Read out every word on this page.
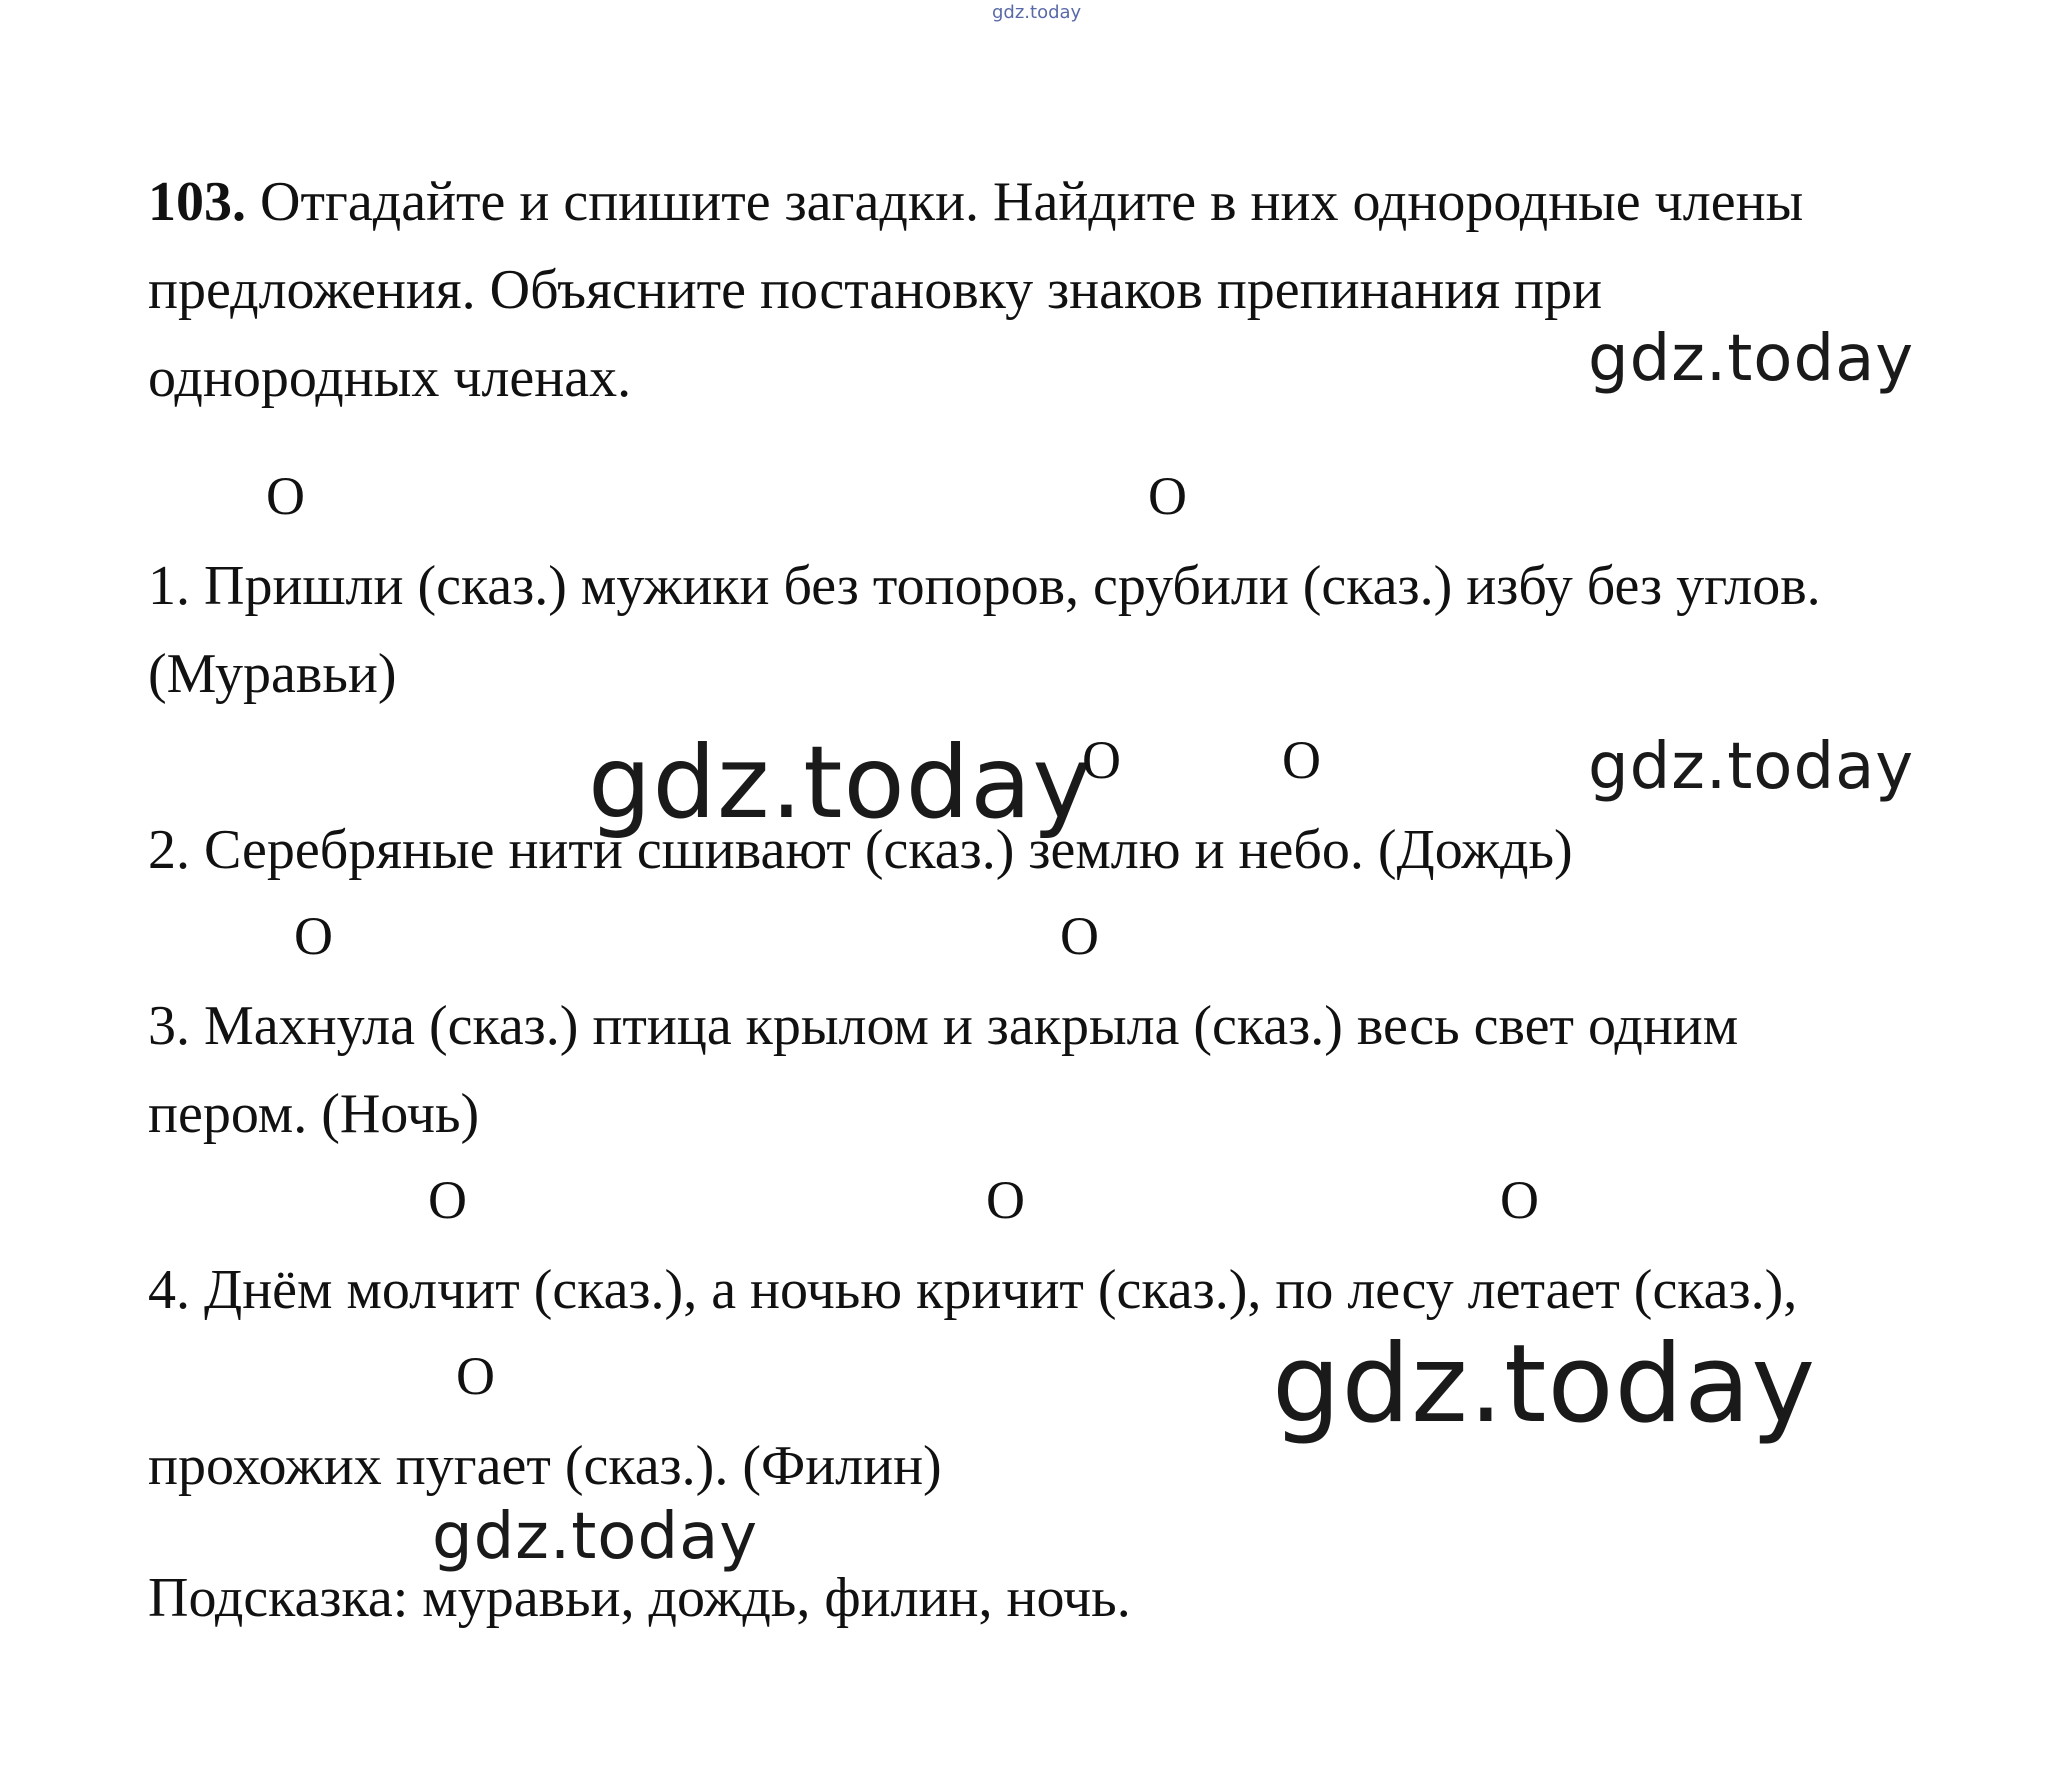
gdz.today
103. Отгадайте и спишите загадки. Найдите в них однородные члены
предложения. Объясните постановку знаков препинания при
однородных членах.	gdz.today
О	О
1. Пришли (сказ.) мужики без топоров, срубили (сказ.) избу без углов.
(Муравьи)
gdz.today	gdz.today
О	О
2. Серебряные нити сшивают (сказ.) землю и небо. (Дождь)
О	О
3. Махнула (сказ.) птица крылом и закрыла (сказ.) весь свет одним
пером. (Ночь)
О	О	О
4. Днём молчит (сказ.), а ночью кричит (сказ.), по лесу летает (сказ.),
О	gdz.today
прохожих пугает (сказ.). (Филин)
gdz.today
Подсказка: муравьи, дождь, филин, ночь.
